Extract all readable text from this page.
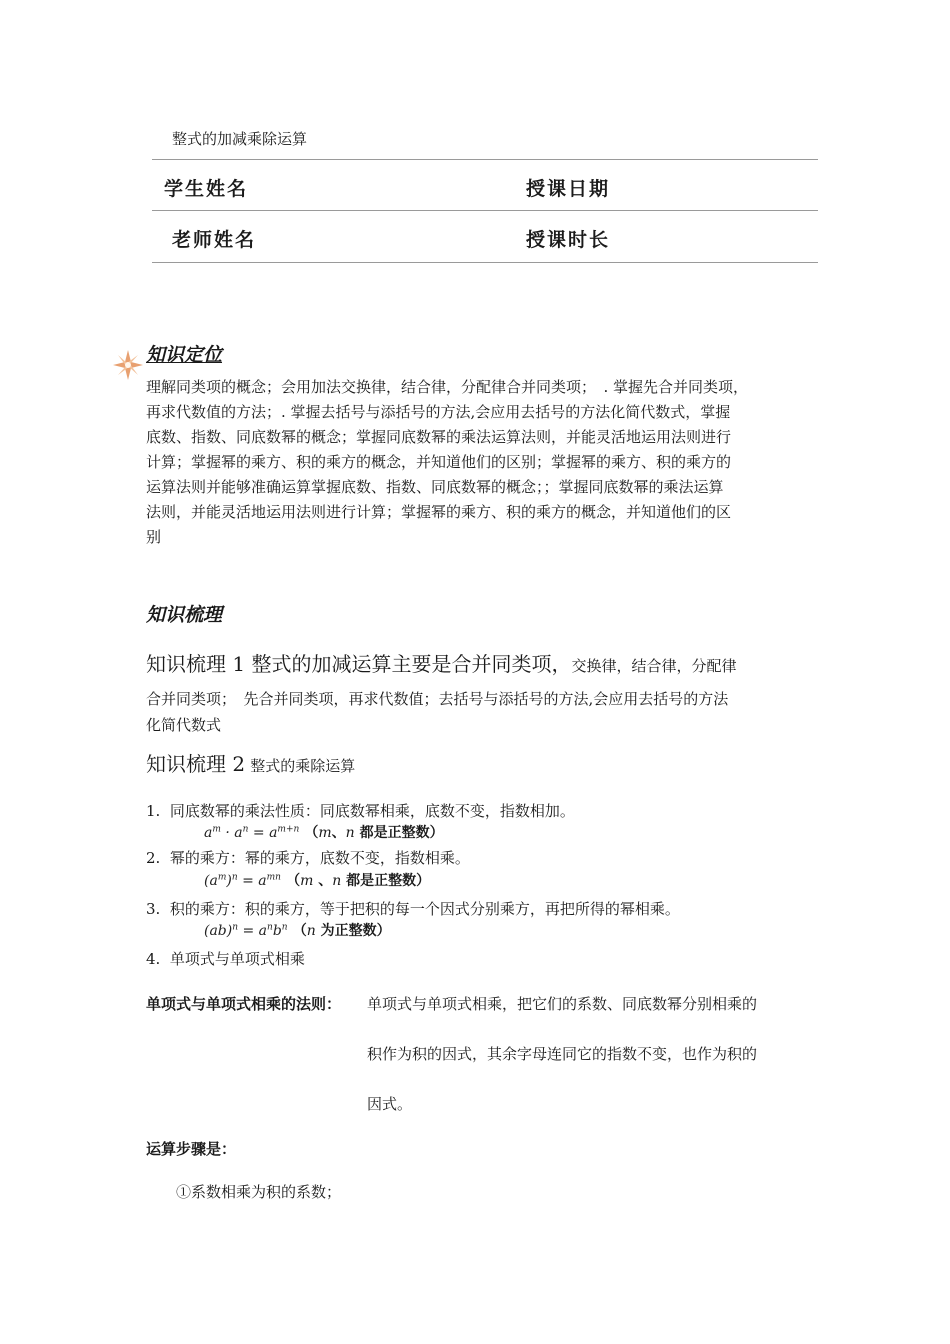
整式的加减乘除运算
学生姓名	授课日期
老师姓名	授课时长
知识定位
理解同类项的概念；会用加法交换律，结合律，分配律合并同类项；　. 掌握先合并同类项，
再求代数值的方法；. 掌握去括号与添括号的方法,会应用去括号的方法化简代数式，掌握
底数、指数、同底数幂的概念；掌握同底数幂的乘法运算法则，并能灵活地运用法则进行
计算；掌握幂的乘方、积的乘方的概念，并知道他们的区别；掌握幂的乘方、积的乘方的
运算法则并能够准确运算掌握底数、指数、同底数幂的概念；；掌握同底数幂的乘法运算
法则，并能灵活地运用法则进行计算；掌握幂的乘方、积的乘方的概念，并知道他们的区
别
知识梳理
知识梳理 1 整式的加减运算主要是合并同类项，交换律，结合律，分配律
合并同类项；　先合并同类项，再求代数值；去括号与添括号的方法,会应用去括号的方法
化简代数式
知识梳理 2 整式的乘除运算
1. 同底数幂的乘法性质：同底数幂相乘，底数不变，指数相加。
$a^m \cdot a^n = a^{m+n}$ （m、n 都是正整数）
2. 幂的乘方：幂的乘方，底数不变，指数相乘。
$(a^m)^n = a^{mn}$ （m 、n 都是正整数）
3. 积的乘方：积的乘方，等于把积的每一个因式分别乘方，再把所得的幂相乘。
$(ab)^n = a^nb^n$ （n 为正整数）
4. 单项式与单项式相乘
单项式与单项式相乘的法则： 单项式与单项式相乘，把它们的系数、同底数幂分别相乘的
积作为积的因式，其余字母连同它的指数不变，也作为积的
因式。
运算步骤是：
①系数相乘为积的系数；
